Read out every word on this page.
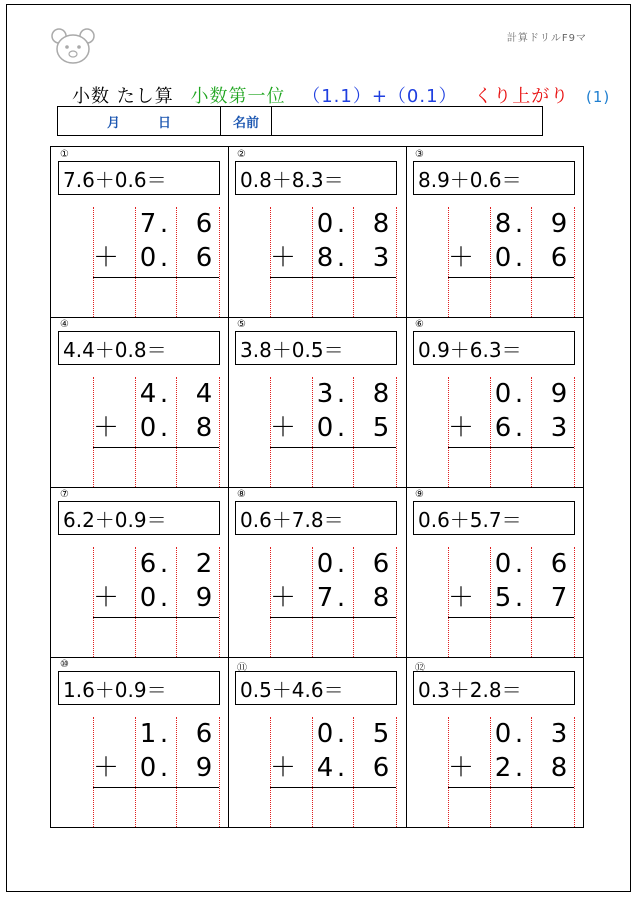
計算ドリルF9マ
小数 たし算 小数第一位 （1.1）+（0.1） くり上がり (1)
月	日	名前
①
7.6＋0.6＝
7 . 6
＋ 0 . 6
②
0.8＋8.3＝
0 . 8
＋ 8 . 3
③
8.9＋0.6＝
8 . 9
＋ 0 . 6
④
4.4＋0.8＝
4 . 4
＋ 0 . 8
⑤
3.8＋0.5＝
3 . 8
＋ 0 . 5
⑥
0.9＋6.3＝
0 . 9
＋ 6 . 3
⑦
6.2＋0.9＝
6 . 2
＋ 0 . 9
⑧
0.6＋7.8＝
0 . 6
＋ 7 . 8
⑨
0.6＋5.7＝
0 . 6
＋ 5 . 7
⑩
1.6＋0.9＝
1 . 6
＋ 0 . 9
⑪
0.5＋4.6＝
0 . 5
＋ 4 . 6
⑫
0.3＋2.8＝
0 . 3
＋ 2 . 8
